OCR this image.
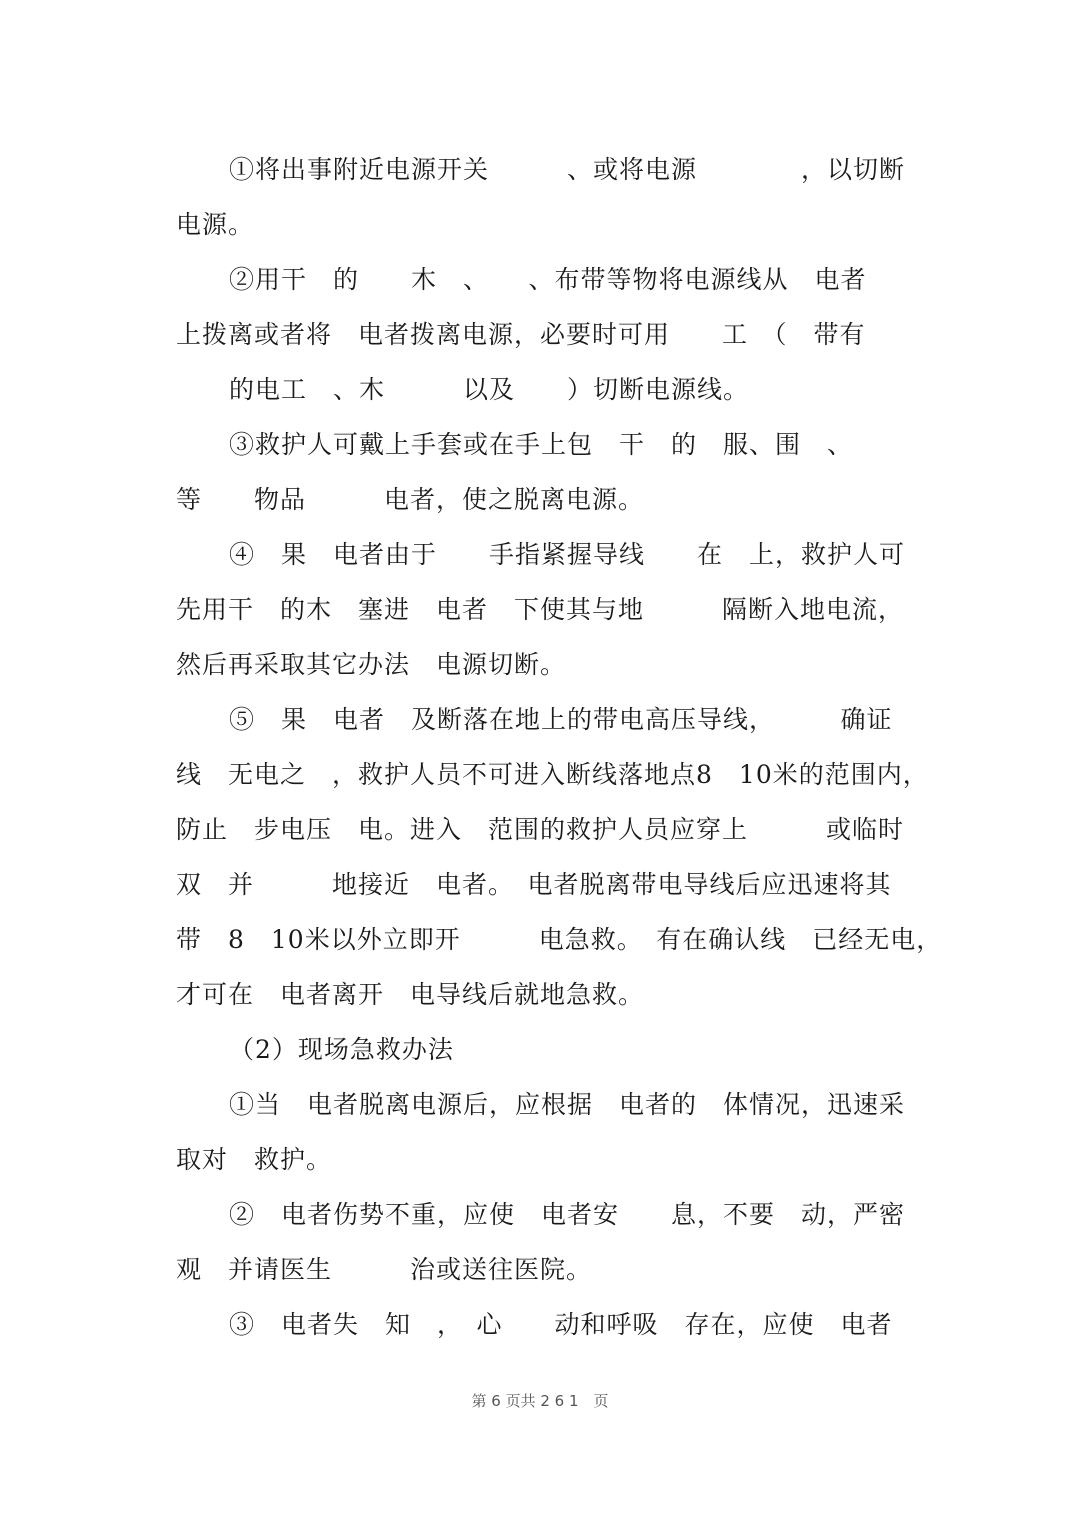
①将出事附近电源开关　　　、或将电源　　　　，以切断

电源。

②用干　的　　木　、　　、布带等物将电源线从　电者

上拨离或者将　电者拨离电源，必要时可用　　工　（　带有

的电工　、木　　　以及　　）切断电源线。

③救护人可戴上手套或在手上包　干　的　服、围　、

等　　物品　　　电者，使之脱离电源。

④　果　电者由于　　手指紧握导线　　在　上，救护人可

先用干　的木　塞进　电者　下使其与地　　　隔断入地电流，

然后再采取其它办法　电源切断。

⑤　果　电者　及断落在地上的带电高压导线，　　　确证

线　无电之　，救护人员不可进入断线落地点8　10米的范围内，

防止　步电压　电。进入　范围的救护人员应穿上　　　或临时

双　并　　　地接近　电者。　电者脱离带电导线后应迅速将其

带　8　10米以外立即开　　　电急救。　有在确认线　已经无电，

才可在　电者离开　电导线后就地急救。

（2）现场急救办法

①当　电者脱离电源后，应根据　电者的　体情况，迅速采

取对　救护。

②　电者伤势不重，应使　电者安　　息，不要　动，严密

观　并请医生　　　治或送往医院。

③　电者失　知　，　心　　动和呼吸　存在，应使　电者

第 6 页共 2 6 1　页
